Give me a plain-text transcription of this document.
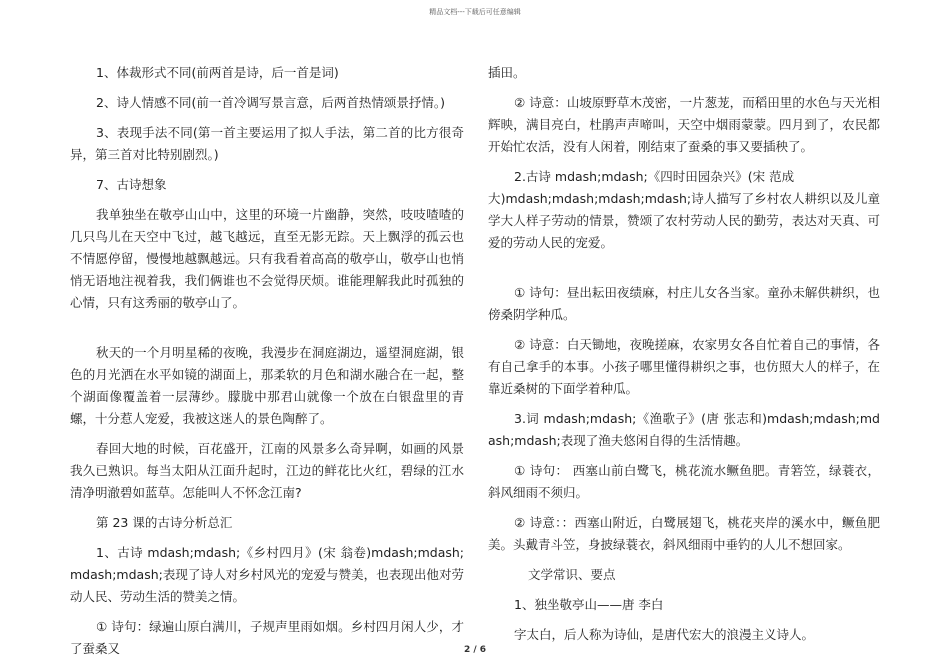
精品文档---下载后可任意编辑

1、体裁形式不同(前两首是诗，后一首是词)

2、诗人情感不同(前一首冷调写景言意，后两首热情颂景抒情。)

3、表现手法不同(第一首主要运用了拟人手法，第二首的比方很奇异，第三首对比特别剧烈。)

7、古诗想象

我单独坐在敬亭山山中，这里的环境一片幽静，突然，吱吱喳喳的几只鸟儿在天空中飞过，越飞越远，直至无影无踪。天上飘浮的孤云也不情愿停留，慢慢地越飘越远。只有我看着高高的敬亭山，敬亭山也悄悄无语地注视着我，我们俩谁也不会觉得厌烦。谁能理解我此时孤独的心情，只有这秀丽的敬亭山了。

秋天的一个月明星稀的夜晚，我漫步在洞庭湖边，遥望洞庭湖，银色的月光洒在水平如镜的湖面上，那柔软的月色和湖水融合在一起，整个湖面像覆盖着一层薄纱。朦胧中那君山就像一个放在白银盘里的青螺，十分惹人宠爱，我被这迷人的景色陶醉了。

春回大地的时候，百花盛开，江南的风景多么奇异啊，如画的风景我久已熟识。每当太阳从江面升起时，江边的鲜花比火红，碧绿的江水清净明澈碧如蓝草。怎能叫人不怀念江南?

第 23 课的古诗分析总汇

1、古诗 mdash;mdash;《乡村四月》(宋 翁卷)mdash;mdash;mdash;mdash;表现了诗人对乡村风光的宠爱与赞美，也表现出他对劳动人民、劳动生活的赞美之情。

① 诗句：绿遍山原白满川，子规声里雨如烟。乡村四月闲人少，才了蚕桑又

插田。

② 诗意：山坡原野草木茂密，一片葱茏，而稻田里的水色与天光相辉映，满目亮白，杜鹃声声啼叫，天空中烟雨蒙蒙。四月到了，农民都开始忙农活，没有人闲着，刚结束了蚕桑的事又要插秧了。

2.古诗 mdash;mdash;《四时田园杂兴》(宋 范成

大)mdash;mdash;mdash;mdash;诗人描写了乡村农人耕织以及儿童学大人样子劳动的情景，赞颂了农村劳动人民的勤劳，表达对天真、可爱的劳动人民的宠爱。

① 诗句：昼出耘田夜绩麻，村庄儿女各当家。童孙未解供耕织，也傍桑阴学种瓜。

② 诗意：白天锄地，夜晚搓麻，农家男女各自忙着自己的事情，各有自己拿手的本事。小孩子哪里懂得耕织之事，也仿照大人的样子，在靠近桑树的下面学着种瓜。

3.词 mdash;mdash;《渔歌子》(唐 张志和)mdash;mdash;mdash;mdash;表现了渔夫悠闲自得的生活情趣。

① 诗句： 西塞山前白鹭飞，桃花流水鳜鱼肥。青箬笠，绿蓑衣，斜风细雨不须归。

② 诗意：：西塞山附近，白鹭展翅飞，桃花夹岸的溪水中，鳜鱼肥美。头戴青斗笠，身披绿蓑衣，斜风细雨中垂钓的人儿不想回家。

文学常识、要点

1、独坐敬亭山——唐 李白

字太白，后人称为诗仙，是唐代宏大的浪漫主义诗人。

2 / 6
